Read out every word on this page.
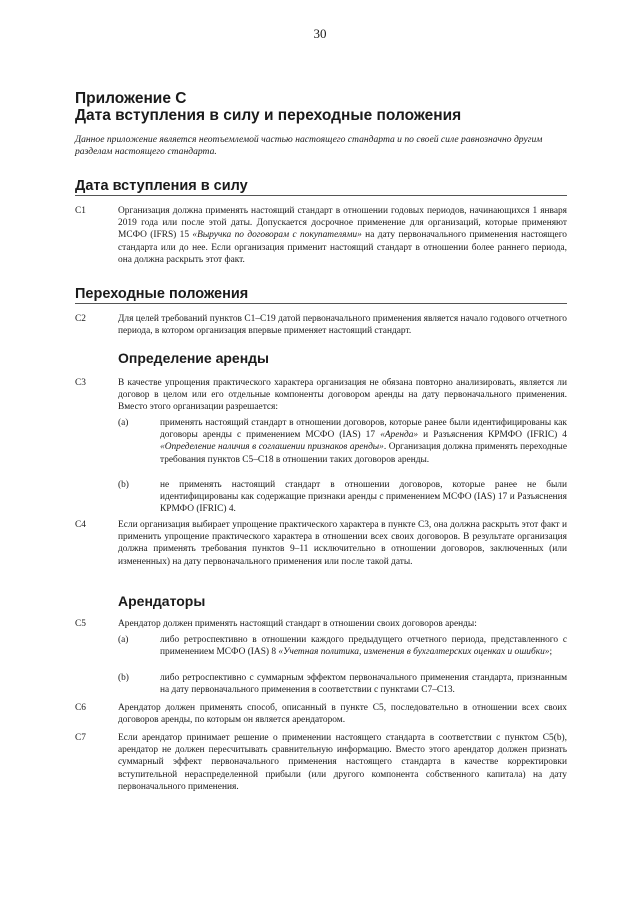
30
Приложение С
Дата вступления в силу и переходные положения

Данное приложение является неотъемлемой частью настоящего стандарта и по своей силе равнозначно другим разделам настоящего стандарта.

Дата вступления в силу
C1	Организация должна применять настоящий стандарт в отношении годовых периодов, начинающихся 1 января 2019 года или после этой даты. Допускается досрочное применение для организаций, которые применяют МСФО (IFRS) 15 «Выручка по договорам с покупателями» на дату первоначального применения настоящего стандарта или до нее. Если организация применит настоящий стандарт в отношении более раннего периода, она должна раскрыть этот факт.
Переходные положения
C2	Для целей требований пунктов С1–С19 датой первоначального применения является начало годового отчетного периода, в котором организация впервые применяет настоящий стандарт.
Определение аренды
C3	В качестве упрощения практического характера организация не обязана повторно анализировать, является ли договор в целом или его отдельные компоненты договором аренды на дату первоначального применения. Вместо этого организации разрешается:
(a)	применять настоящий стандарт в отношении договоров, которые ранее были идентифицированы как договоры аренды с применением МСФО (IAS) 17 «Аренда» и Разъяснения КРМФО (IFRIC) 4 «Определение наличия в соглашении признаков аренды». Организация должна применять переходные требования пунктов С5–С18 в отношении таких договоров аренды.
(b)	не применять настоящий стандарт в отношении договоров, которые ранее не были идентифицированы как содержащие признаки аренды с применением МСФО (IAS) 17 и Разъяснения КРМФО (IFRIC) 4.
C4	Если организация выбирает упрощение практического характера в пункте С3, она должна раскрыть этот факт и применить упрощение практического характера в отношении всех своих договоров. В результате организация должна применять требования пунктов 9–11 исключительно в отношении договоров, заключенных (или измененных) на дату первоначального применения или после такой даты.
Арендаторы
C5	Арендатор должен применять настоящий стандарт в отношении своих договоров аренды:
(a)	либо ретроспективно в отношении каждого предыдущего отчетного периода, представленного с применением МСФО (IAS) 8 «Учетная политика, изменения в бухгалтерских оценках и ошибки»;
(b)	либо ретроспективно с суммарным эффектом первоначального применения стандарта, признанным на дату первоначального применения в соответствии с пунктами С7–С13.
C6	Арендатор должен применять способ, описанный в пункте С5, последовательно в отношении всех своих договоров аренды, по которым он является арендатором.
C7	Если арендатор принимает решение о применении настоящего стандарта в соответствии с пунктом С5(b), арендатор не должен пересчитывать сравнительную информацию. Вместо этого арендатор должен признать суммарный эффект первоначального применения настоящего стандарта в качестве корректировки вступительной нераспределенной прибыли (или другого компонента собственного капитала) на дату первоначального применения.
